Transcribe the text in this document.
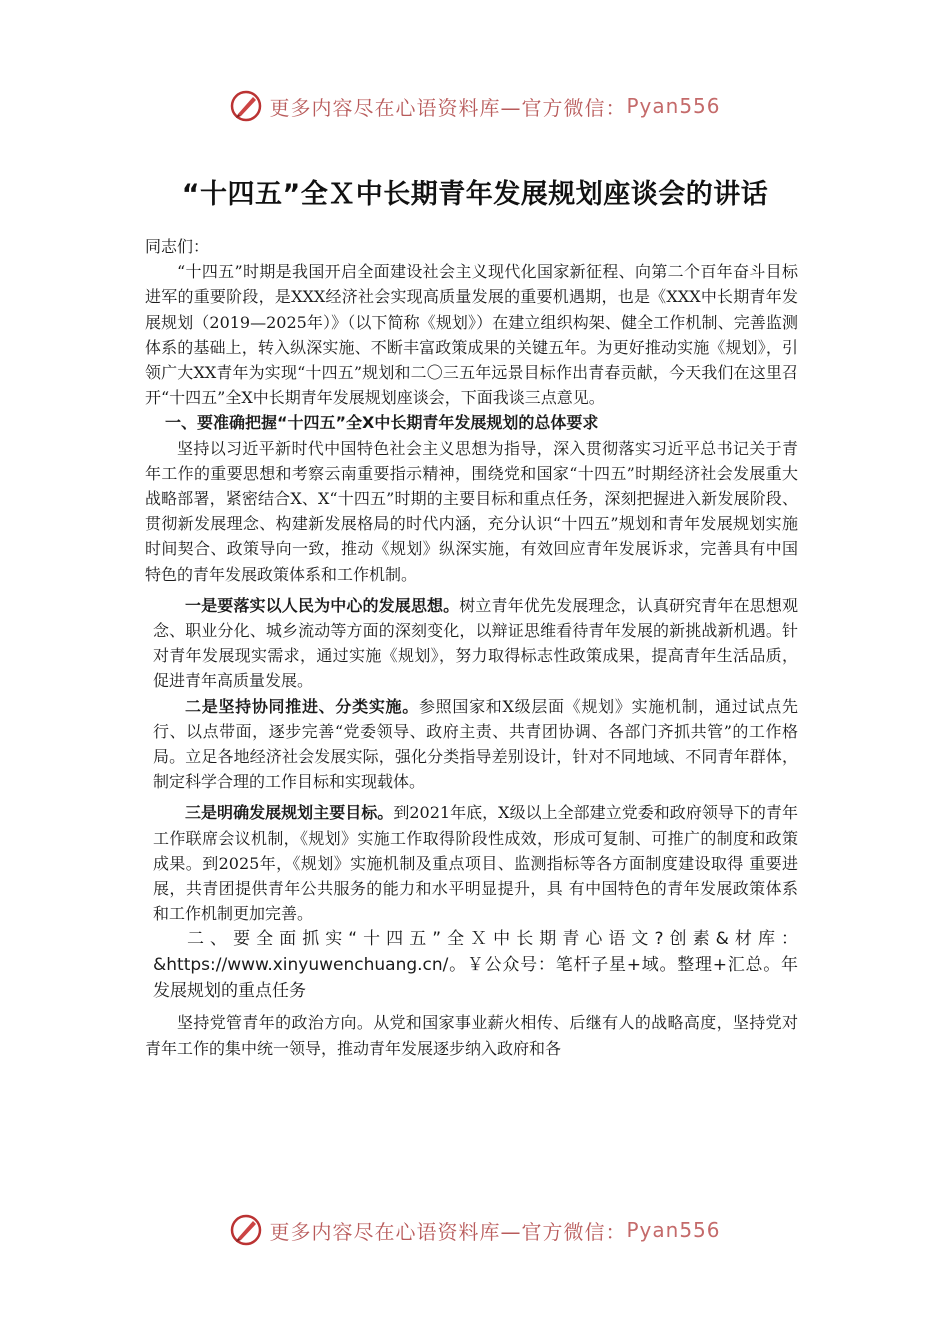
更多内容尽在心语资料库—官方微信： Pyan556
“十四五”全Ｘ中长期青年发展规划座谈会的讲话

同志们：

“十四五”时期是我国开启全面建设社会主义现代化国家新征程、向第二个百年奋斗目标进军的重要阶段，是XXX经济社会实现高质量发展的重要机遇期，也是《XXX中长期青年发展规划（2019—2025年）》（以下简称《规划》）在建立组织构架、健全工作机制、完善监测体系的基础上，转入纵深实施、不断丰富政策成果的关键五年。为更好推动实施《规划》，引领广大XX青年为实现“十四五”规划和二〇三五年远景目标作出青春贡献，今天我们在这里召开“十四五”全X中长期青年发展规划座谈会，下面我谈三点意见。

一、要准确把握“十四五”全X中长期青年发展规划的总体要求

坚持以习近平新时代中国特色社会主义思想为指导，深入贯彻落实习近平总书记关于青年工作的重要思想和考察云南重要指示精神，围绕党和国家“十四五”时期经济社会发展重大战略部署，紧密结合X、X“十四五”时期的主要目标和重点任务，深刻把握进入新发展阶段、贯彻新发展理念、构建新发展格局的时代内涵，充分认识“十四五”规划和青年发展规划实施时间契合、政策导向一致，推动《规划》纵深实施，有效回应青年发展诉求，完善具有中国特色的青年发展政策体系和工作机制。

一是要落实以人民为中心的发展思想。树立青年优先发展理念，认真研究青年在思想观念、职业分化、城乡流动等方面的深刻变化，以辩证思维看待青年发展的新挑战新机遇。针对青年发展现实需求，通过实施《规划》，努力取得标志性政策成果，提高青年生活品质，促进青年高质量发展。

二是坚持协同推进、分类实施。参照国家和X级层面《规划》实施机制，通过试点先行、以点带面，逐步完善“党委领导、政府主责、共青团协调、各部门齐抓共管”的工作格局。立足各地经济社会发展实际，强化分类指导差别设计，针对不同地域、不同青年群体，制定科学合理的工作目标和实现载体。

三是明确发展规划主要目标。到2021年底，X级以上全部建立党委和政府领导下的青年工作联席会议机制，《规划》实施工作取得阶段性成效，形成可复制、可推广的制度和政策成果。到2025年，《规划》实施机制及重点项目、监测指标等各方面制度建设取得 重要进展，共青团提供青年公共服务的能力和水平明显提升，具 有中国特色的青年发展政策体系和工作机制更加完善。

二、要全面抓实“十四五”全Ｘ中长期青心语文?创素&材库：&https://www.xinyuwenchuang.cn/。￥公众号：笔杆子星+域。整理+汇总。年发展规划的重点任务

坚持党管青年的政治方向。从党和国家事业薪火相传、后继有人的战略高度，坚持党对青年工作的集中统一领导，推动青年发展逐步纳入政府和各

更多内容尽在心语资料库—官方微信： Pyan556
